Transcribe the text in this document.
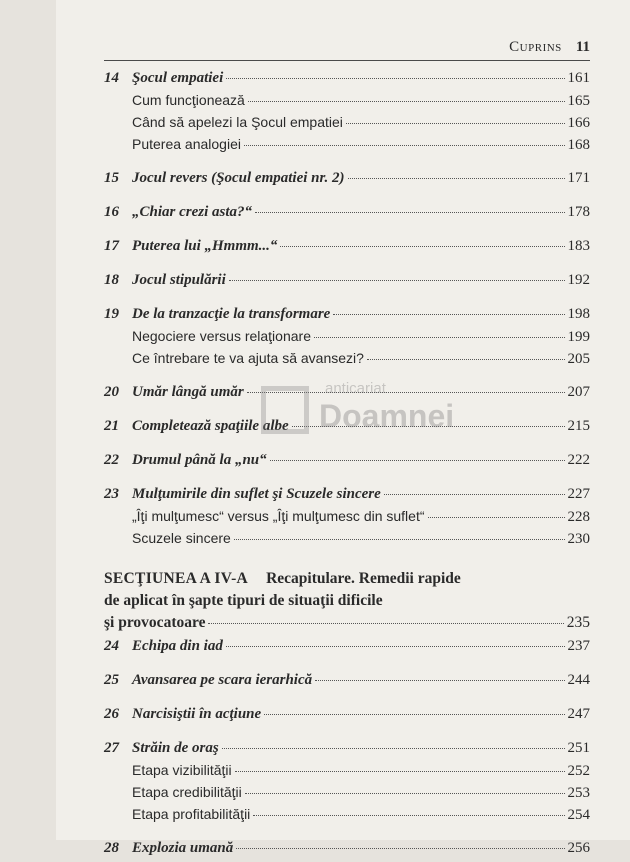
Cuprins 11
14 Şocul empatiei	161
Cum funcţionează	165
Când să apelezi la Şocul empatiei	166
Puterea analogiei	168
15 Jocul revers (Şocul empatiei nr. 2)	171
16 „Chiar crezi asta?“	178
17 Puterea lui „Hmmm...“	183
18 Jocul stipulării	192
19 De la tranzacţie la transformare	198
Negociere versus relaţionare	199
Ce întrebare te va ajuta să avansezi?	205
20 Umăr lângă umăr	207
21 Completează spaţiile albe	215
22 Drumul până la „nu“	222
23 Mulţumirile din suflet şi Scuzele sincere	227
„Îţi mulţumesc“ versus „Îţi mulţumesc din suflet“	228
Scuzele sincere	230
SECŢIUNEA A IV-A Recapitulare. Remedii rapide
de aplicat în şapte tipuri de situaţii dificile
şi provocatoare	235
24 Echipa din iad	237
25 Avansarea pe scara ierarhică	244
26 Narcisiştii în acţiune	247
27 Străin de oraş	251
Etapa vizibilităţii	252
Etapa credibilităţii	253
Etapa profitabilităţii	254
28 Explozia umană	256
anticariat
Doamnei
